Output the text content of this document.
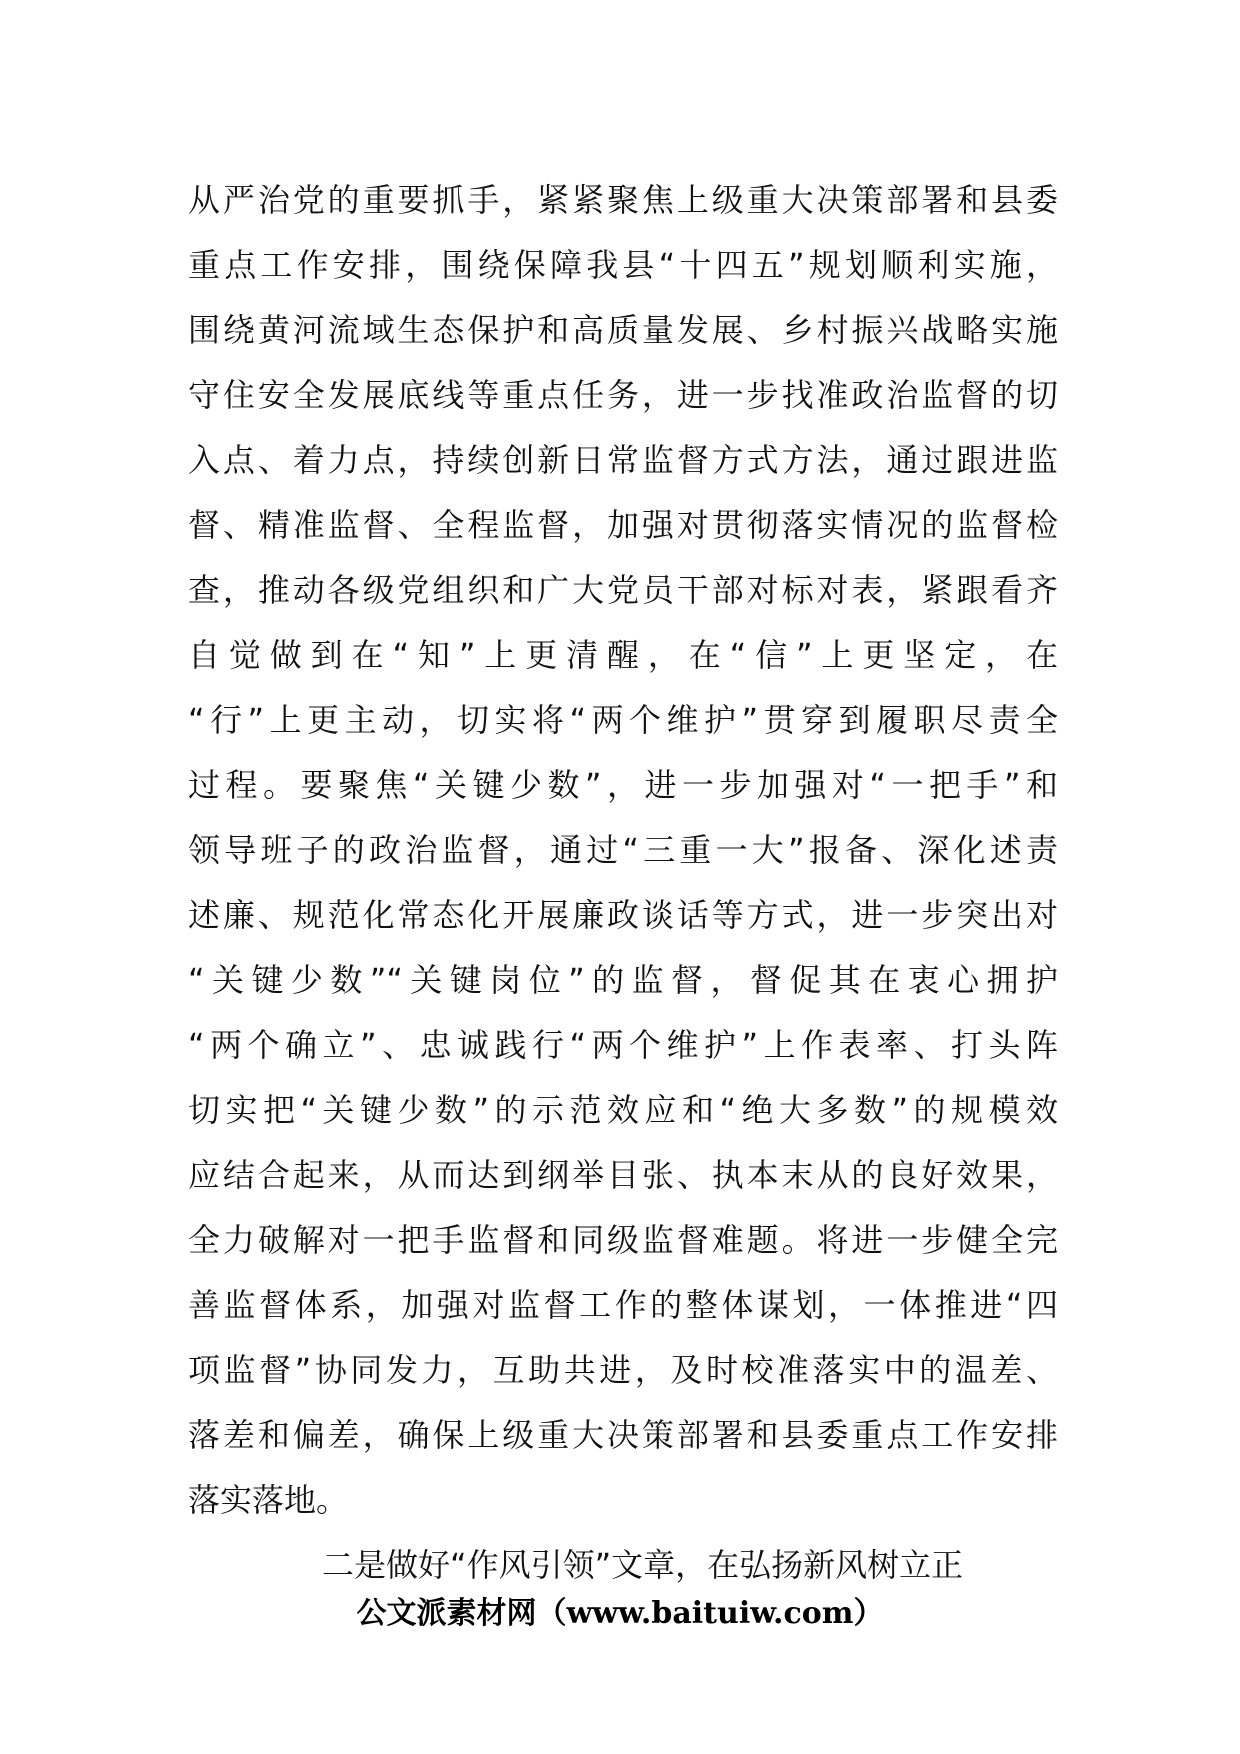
从严治党的重要抓手，紧紧聚焦上级重大决策部署和县委
重点工作安排，围绕保障我县“十四五”规划顺利实施，
围绕黄河流域生态保护和高质量发展、乡村振兴战略实施
守住安全发展底线等重点任务，进一步找准政治监督的切
入点、着力点，持续创新日常监督方式方法，通过跟进监
督、精准监督、全程监督，加强对贯彻落实情况的监督检
查，推动各级党组织和广大党员干部对标对表，紧跟看齐
自觉做到在“知”上更清醒，在“信”上更坚定，在
“行”上更主动，切实将“两个维护”贯穿到履职尽责全
过程。要聚焦“关键少数”，进一步加强对“一把手”和
领导班子的政治监督，通过“三重一大”报备、深化述责
述廉、规范化常态化开展廉政谈话等方式，进一步突出对
“关键少数”“关键岗位”的监督，督促其在衷心拥护
“两个确立”、忠诚践行“两个维护”上作表率、打头阵
切实把“关键少数”的示范效应和“绝大多数”的规模效
应结合起来，从而达到纲举目张、执本末从的良好效果，
全力破解对一把手监督和同级监督难题。将进一步健全完
善监督体系，加强对监督工作的整体谋划，一体推进“四
项监督”协同发力，互助共进，及时校准落实中的温差、
落差和偏差，确保上级重大决策部署和县委重点工作安排
落实落地。
二是做好“作风引领”文章，在弘扬新风树立正
公文派素材网（www.baituiw.com）
